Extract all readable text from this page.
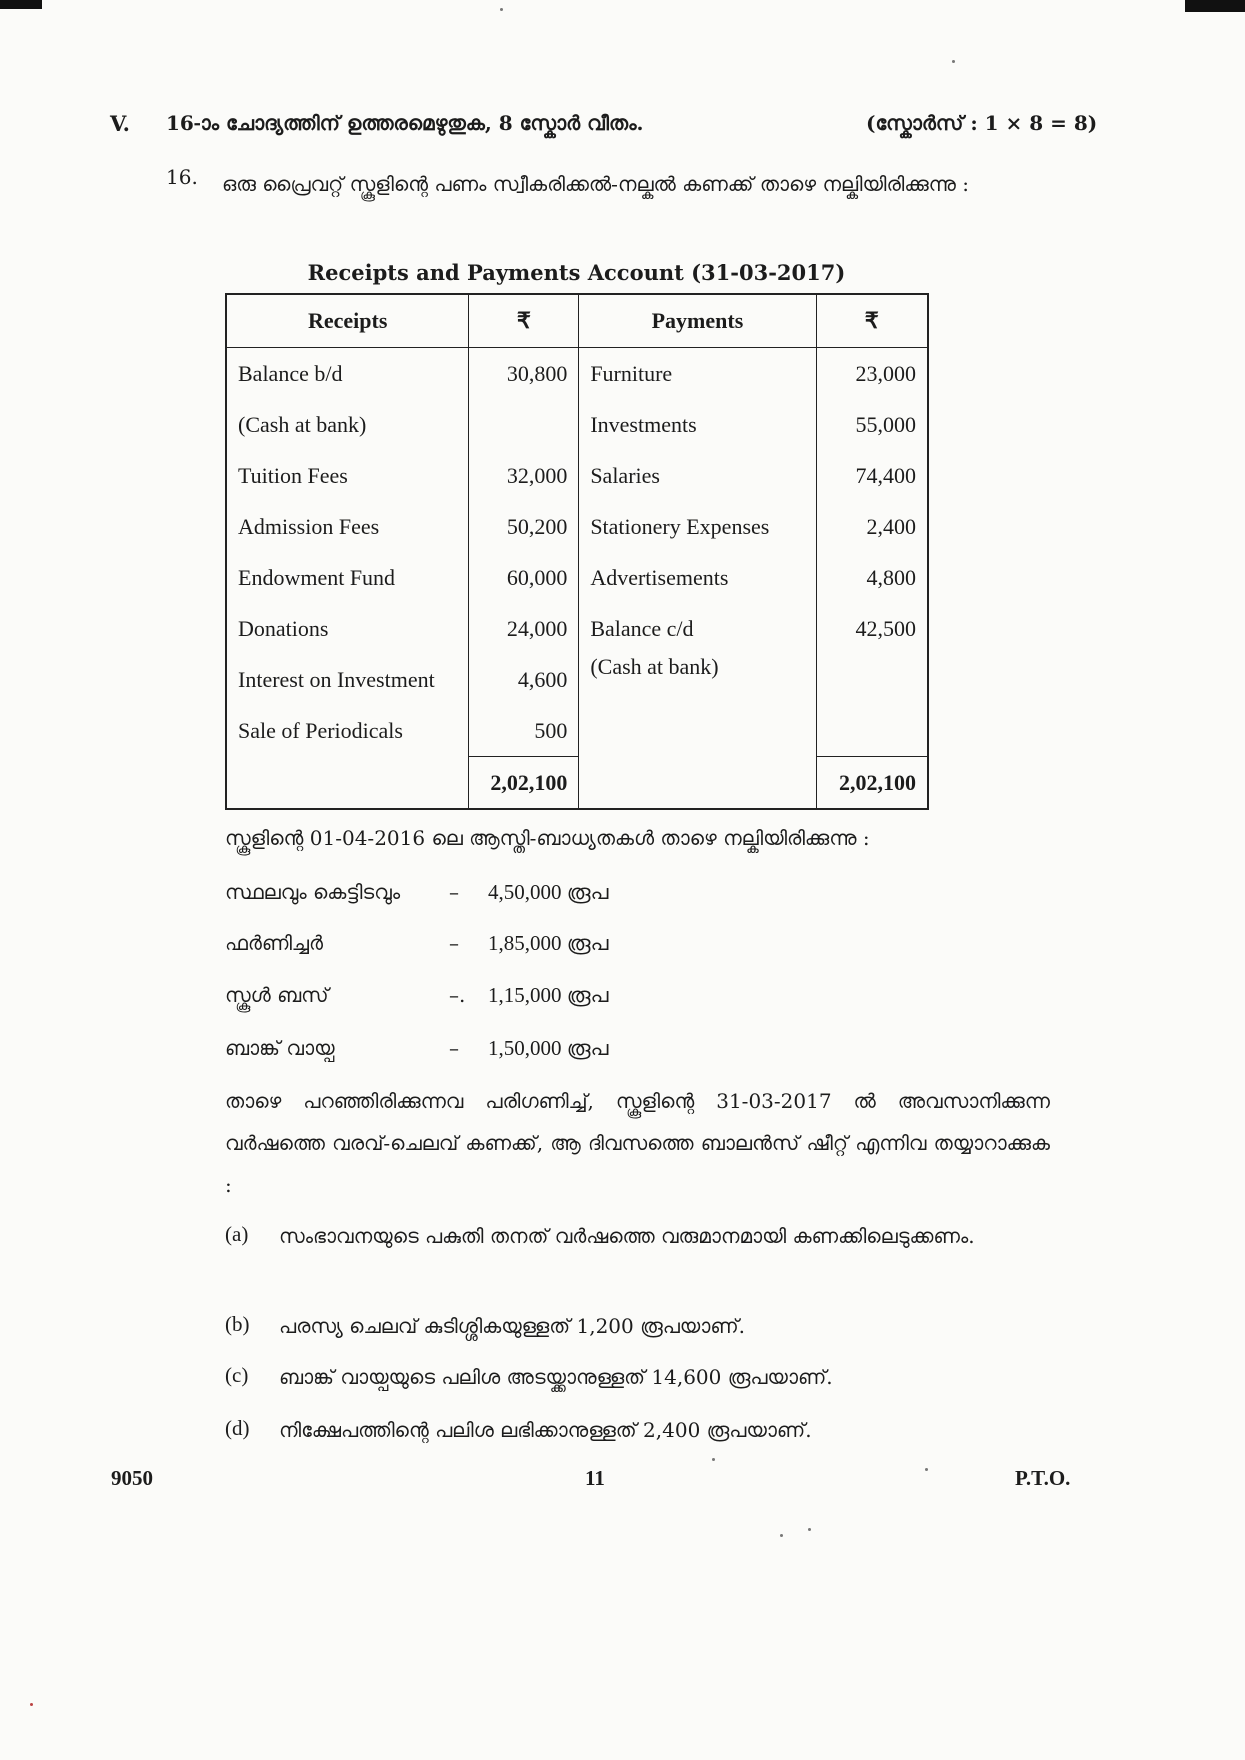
V. 16-ാം ചോദ്യത്തിന് ഉത്തരമെഴുതുക, 8 സ്കോർ വീതം.	(സ്കോർസ് : 1 × 8 = 8)
16. ഒരു പ്രൈവറ്റ് സ്കൂളിന്റെ പണം സ്വീകരിക്കൽ-നല്കൽ കണക്ക് താഴെ നല്കിയിരിക്കുന്നു :
Receipts and Payments Account (31-03-2017)
Receipts	₹	Payments	₹
Balance b/d	30,800	Furniture	23,000
(Cash at bank)		Investments	55,000
Tuition Fees	32,000	Salaries	74,400
Admission Fees	50,200	Stationery Expenses	2,400
Endowment Fund	60,000	Advertisements	4,800
Donations	24,000	Balance c/d	42,500
Interest on Investment	4,600	(Cash at bank)	
Sale of Periodicals	500		
	2,02,100		2,02,100
സ്കൂളിന്റെ 01-04-2016 ലെ ആസ്തി-ബാധ്യതകൾ താഴെ നല്കിയിരിക്കുന്നു :
സ്ഥലവും കെട്ടിടവും – 4,50,000 രൂപ
ഫർണിച്ചർ	– 1,85,000 രൂപ
സ്കൂൾ ബസ്	–. 1,15,000 രൂപ
ബാങ്ക് വായ്പ	– 1,50,000 രൂപ
താഴെ പറഞ്ഞിരിക്കുന്നവ പരിഗണിച്ച്, സ്കൂളിന്റെ 31-03-2017 ൽ അവസാനിക്കുന്ന വർഷത്തെ വരവ്-ചെലവ് കണക്ക്, ആ ദിവസത്തെ ബാലൻസ് ഷീറ്റ് എന്നിവ തയ്യാറാക്കുക :
(a) സംഭാവനയുടെ പകുതി തനത് വർഷത്തെ വരുമാനമായി കണക്കിലെടുക്കണം.
(b) പരസ്യ ചെലവ് കുടിശ്ശികയുള്ളത് 1,200 രൂപയാണ്.
(c) ബാങ്ക് വായ്പയുടെ പലിശ അടയ്ക്കാനുള്ളത് 14,600 രൂപയാണ്.
(d) നിക്ഷേപത്തിന്റെ പലിശ ലഭിക്കാനുള്ളത് 2,400 രൂപയാണ്.
9050	11	P.T.O.
